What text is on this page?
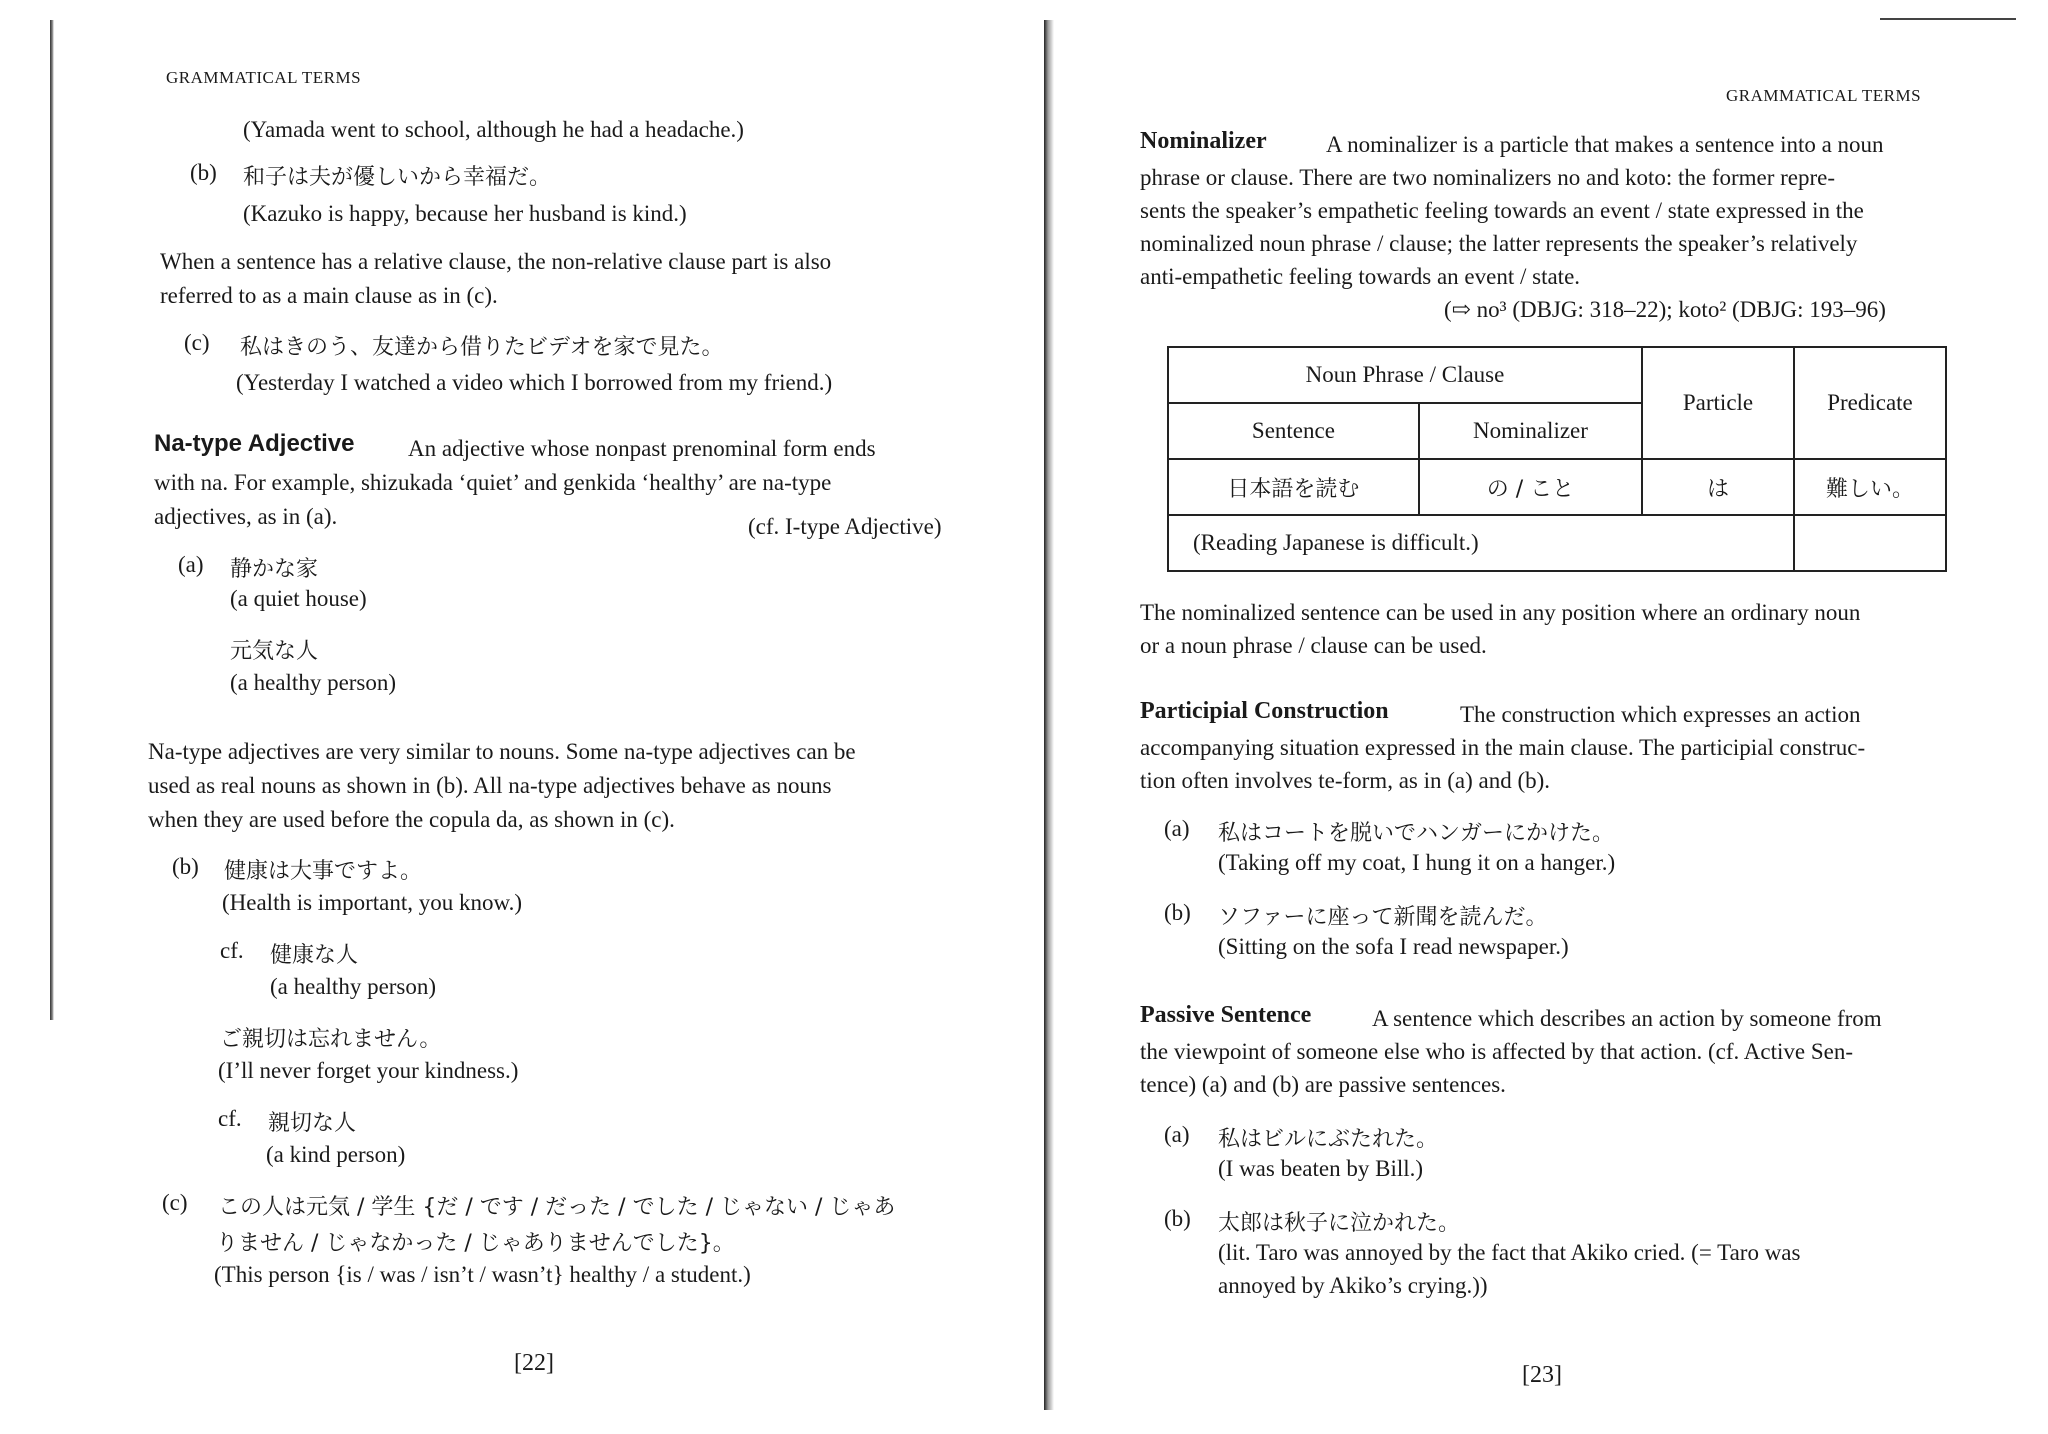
GRAMMATICAL TERMS
(Yamada went to school, although he had a headache.)
(b) 和子は夫が優しいから幸福だ。
(Kazuko is happy, because her husband is kind.)
When a sentence has a relative clause, the non-relative clause part is also
referred to as a main clause as in (c).
(c) 私はきのう、友達から借りたビデオを家で見た。
(Yesterday I watched a video which I borrowed from my friend.)
Na-type Adjective An adjective whose nonpast prenominal form ends
with na. For example, shizukada ‘quiet’ and genkida ‘healthy’ are na-type
adjectives, as in (a).	(cf. I-type Adjective)
(a) 静かな家
(a quiet house)
元気な人
(a healthy person)
Na-type adjectives are very similar to nouns. Some na-type adjectives can be
used as real nouns as shown in (b). All na-type adjectives behave as nouns
when they are used before the copula da, as shown in (c).
(b) 健康は大事ですよ。
(Health is important, you know.)
cf. 健康な人
(a healthy person)
ご親切は忘れません。
(I’ll never forget your kindness.)
cf. 親切な人
(a kind person)
(c) この人は元気 / 学生 {だ / です / だった / でした / じゃない / じゃあ
りません / じゃなかった / じゃありませんでした}。
(This person {is / was / isn’t / wasn’t} healthy / a student.)
[22]
GRAMMATICAL TERMS
Nominalizer	A nominalizer is a particle that makes a sentence into a noun
phrase or clause. There are two nominalizers no and koto: the former repre-
sents the speaker’s empathetic feeling towards an event / state expressed in the
nominalized noun phrase / clause; the latter represents the speaker’s relatively
anti-empathetic feeling towards an event / state.
(⇨ no³ (DBJG: 318–22); koto² (DBJG: 193–96)
Noun Phrase / Clause		Particle	Predicate
Sentence	Nominalizer		
日本語を読む	の / こと	は	難しい。
(Reading Japanese is difficult.)			
The nominalized sentence can be used in any position where an ordinary noun
or a noun phrase / clause can be used.
Participial Construction	The construction which expresses an action
accompanying situation expressed in the main clause. The participial construc-
tion often involves te-form, as in (a) and (b).
(a) 私はコートを脱いでハンガーにかけた。
(Taking off my coat, I hung it on a hanger.)
(b) ソファーに座って新聞を読んだ。
(Sitting on the sofa I read newspaper.)
Passive Sentence	A sentence which describes an action by someone from
the viewpoint of someone else who is affected by that action. (cf. Active Sen-
tence) (a) and (b) are passive sentences.
(a) 私はビルにぶたれた。
(I was beaten by Bill.)
(b) 太郎は秋子に泣かれた。
(lit. Taro was annoyed by the fact that Akiko cried. (= Taro was
annoyed by Akiko’s crying.))
[23]
